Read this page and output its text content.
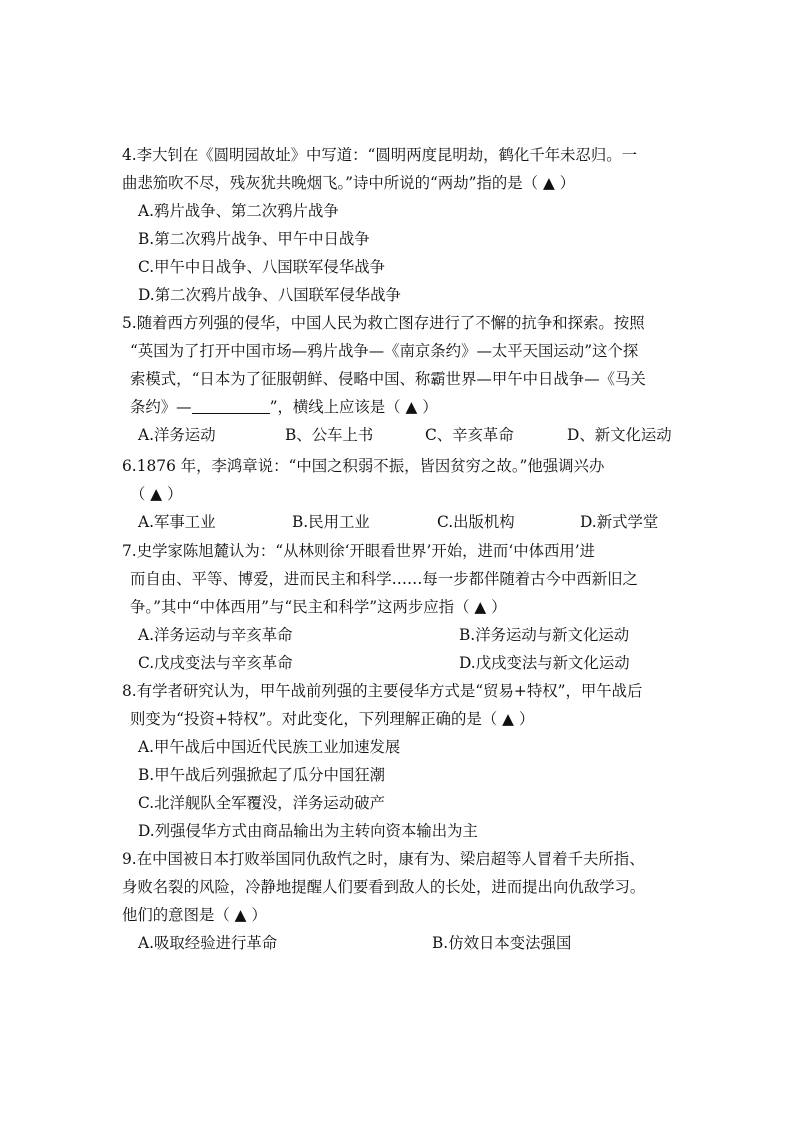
4.李大钊在《圆明园故址》中写道：“圆明两度昆明劫，鹤化千年未忍归。一
曲悲笳吹不尽，残灰犹共晚烟飞。”诗中所说的“两劫”指的是（ ▲ ）
A.鸦片战争、第二次鸦片战争
B.第二次鸦片战争、甲午中日战争
C.甲午中日战争、八国联军侵华战争
D.第二次鸦片战争、八国联军侵华战争
5.随着西方列强的侵华，中国人民为救亡图存进行了不懈的抗争和探索。按照
“英国为了打开中国市场—鸦片战争—《南京条约》—太平天国运动”这个探
索模式，“日本为了征服朝鲜、侵略中国、称霸世界—甲午中日战争—《马关
条约》—	”，横线上应该是（ ▲ ）
A.洋务运动	B、公车上书	C、辛亥革命	D、新文化运动
6.1876 年，李鸿章说：“中国之积弱不振，皆因贫穷之故。”他强调兴办
（ ▲ ）
A.军事工业	B.民用工业	C.出版机构	D.新式学堂
7.史学家陈旭麓认为：“从林则徐‘开眼看世界’开始，进而‘中体西用’进
而自由、平等、博爱，进而民主和科学……每一步都伴随着古今中西新旧之
争。”其中“中体西用”与“民主和科学”这两步应指（ ▲ ）
A.洋务运动与辛亥革命	B.洋务运动与新文化运动
C.戊戌变法与辛亥革命	D.戊戌变法与新文化运动
8.有学者研究认为，甲午战前列强的主要侵华方式是“贸易+特权”，甲午战后
则变为“投资+特权”。对此变化，下列理解正确的是（ ▲ ）
A.甲午战后中国近代民族工业加速发展
B.甲午战后列强掀起了瓜分中国狂潮
C.北洋舰队全军覆没，洋务运动破产
D.列强侵华方式由商品输出为主转向资本输出为主
9.在中国被日本打败举国同仇敌忾之时，康有为、梁启超等人冒着千夫所指、
身败名裂的风险，冷静地提醒人们要看到敌人的长处，进而提出向仇敌学习。
他们的意图是（ ▲ ）
A.吸取经验进行革命	B.仿效日本变法强国
